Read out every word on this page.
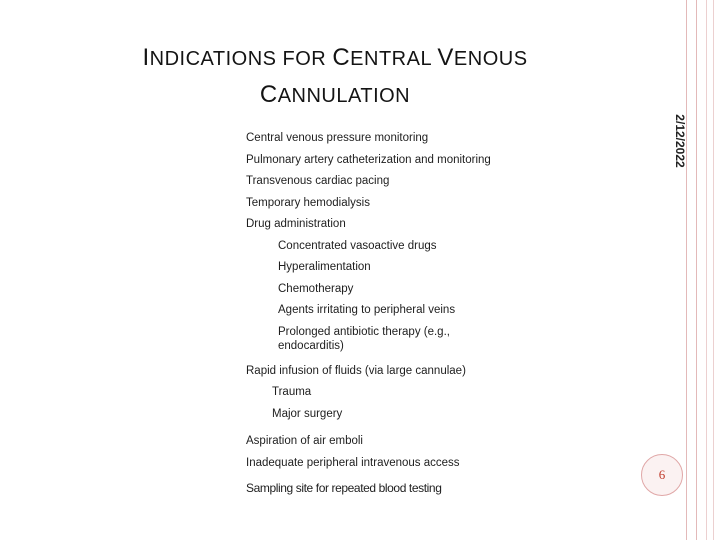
INDICATIONS FOR CENTRAL VENOUS
CANNULATION
2/12/2022
Central venous pressure monitoring
Pulmonary artery catheterization and monitoring
Transvenous cardiac pacing
Temporary hemodialysis
Drug administration
Concentrated vasoactive drugs
Hyperalimentation
Chemotherapy
Agents irritating to peripheral veins
Prolonged antibiotic therapy (e.g., endocarditis)
Rapid infusion of fluids (via large cannulae)
Trauma
Major surgery
Aspiration of air emboli
Inadequate peripheral intravenous access
Sampling site for repeated blood testing
6
